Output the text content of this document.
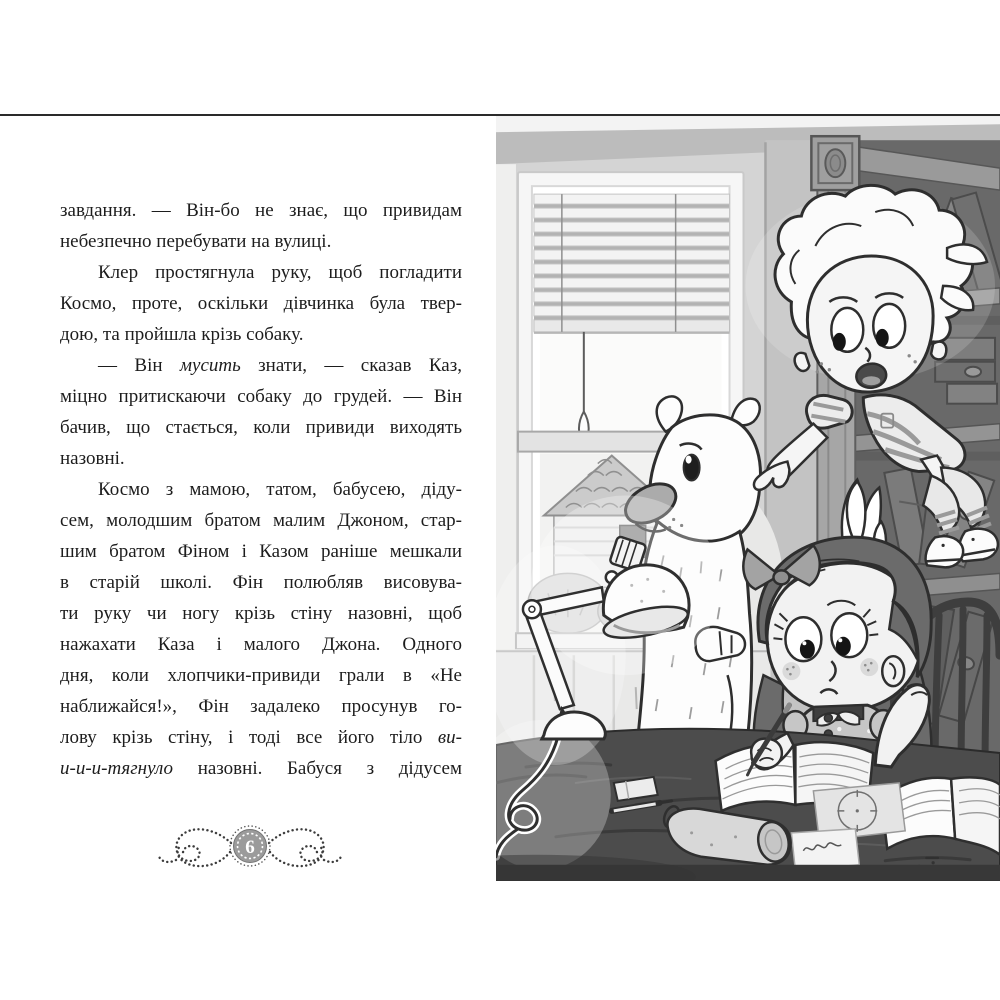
завдання. — Він-бо не знає, що привидам
небезпечно перебувати на вулиці.
Клер простягнула руку, щоб погладити
Космо, проте, оскільки дівчинка була твер-
дою, та пройшла крізь собаку.
— Він мусить знати, — сказав Каз,
міцно притискаючи собаку до грудей. — Він
бачив, що стається, коли привиди виходять
назовні.
Космо з мамою, татом, бабусею, діду-
сем, молодшим братом малим Джоном, стар-
шим братом Фіном і Казом раніше мешкали
в старій школі. Фін полюбляв висовува-
ти руку чи ногу крізь стіну назовні, щоб
нажахати Каза і малого Джона. Одного
дня, коли хлопчики-привиди грали в «Не
наближайся!», Фін задалеко просунув го-
лову крізь стіну, і тоді все його тіло ви-
и-и-и-тягнуло назовні. Бабуся з дідусем
6
